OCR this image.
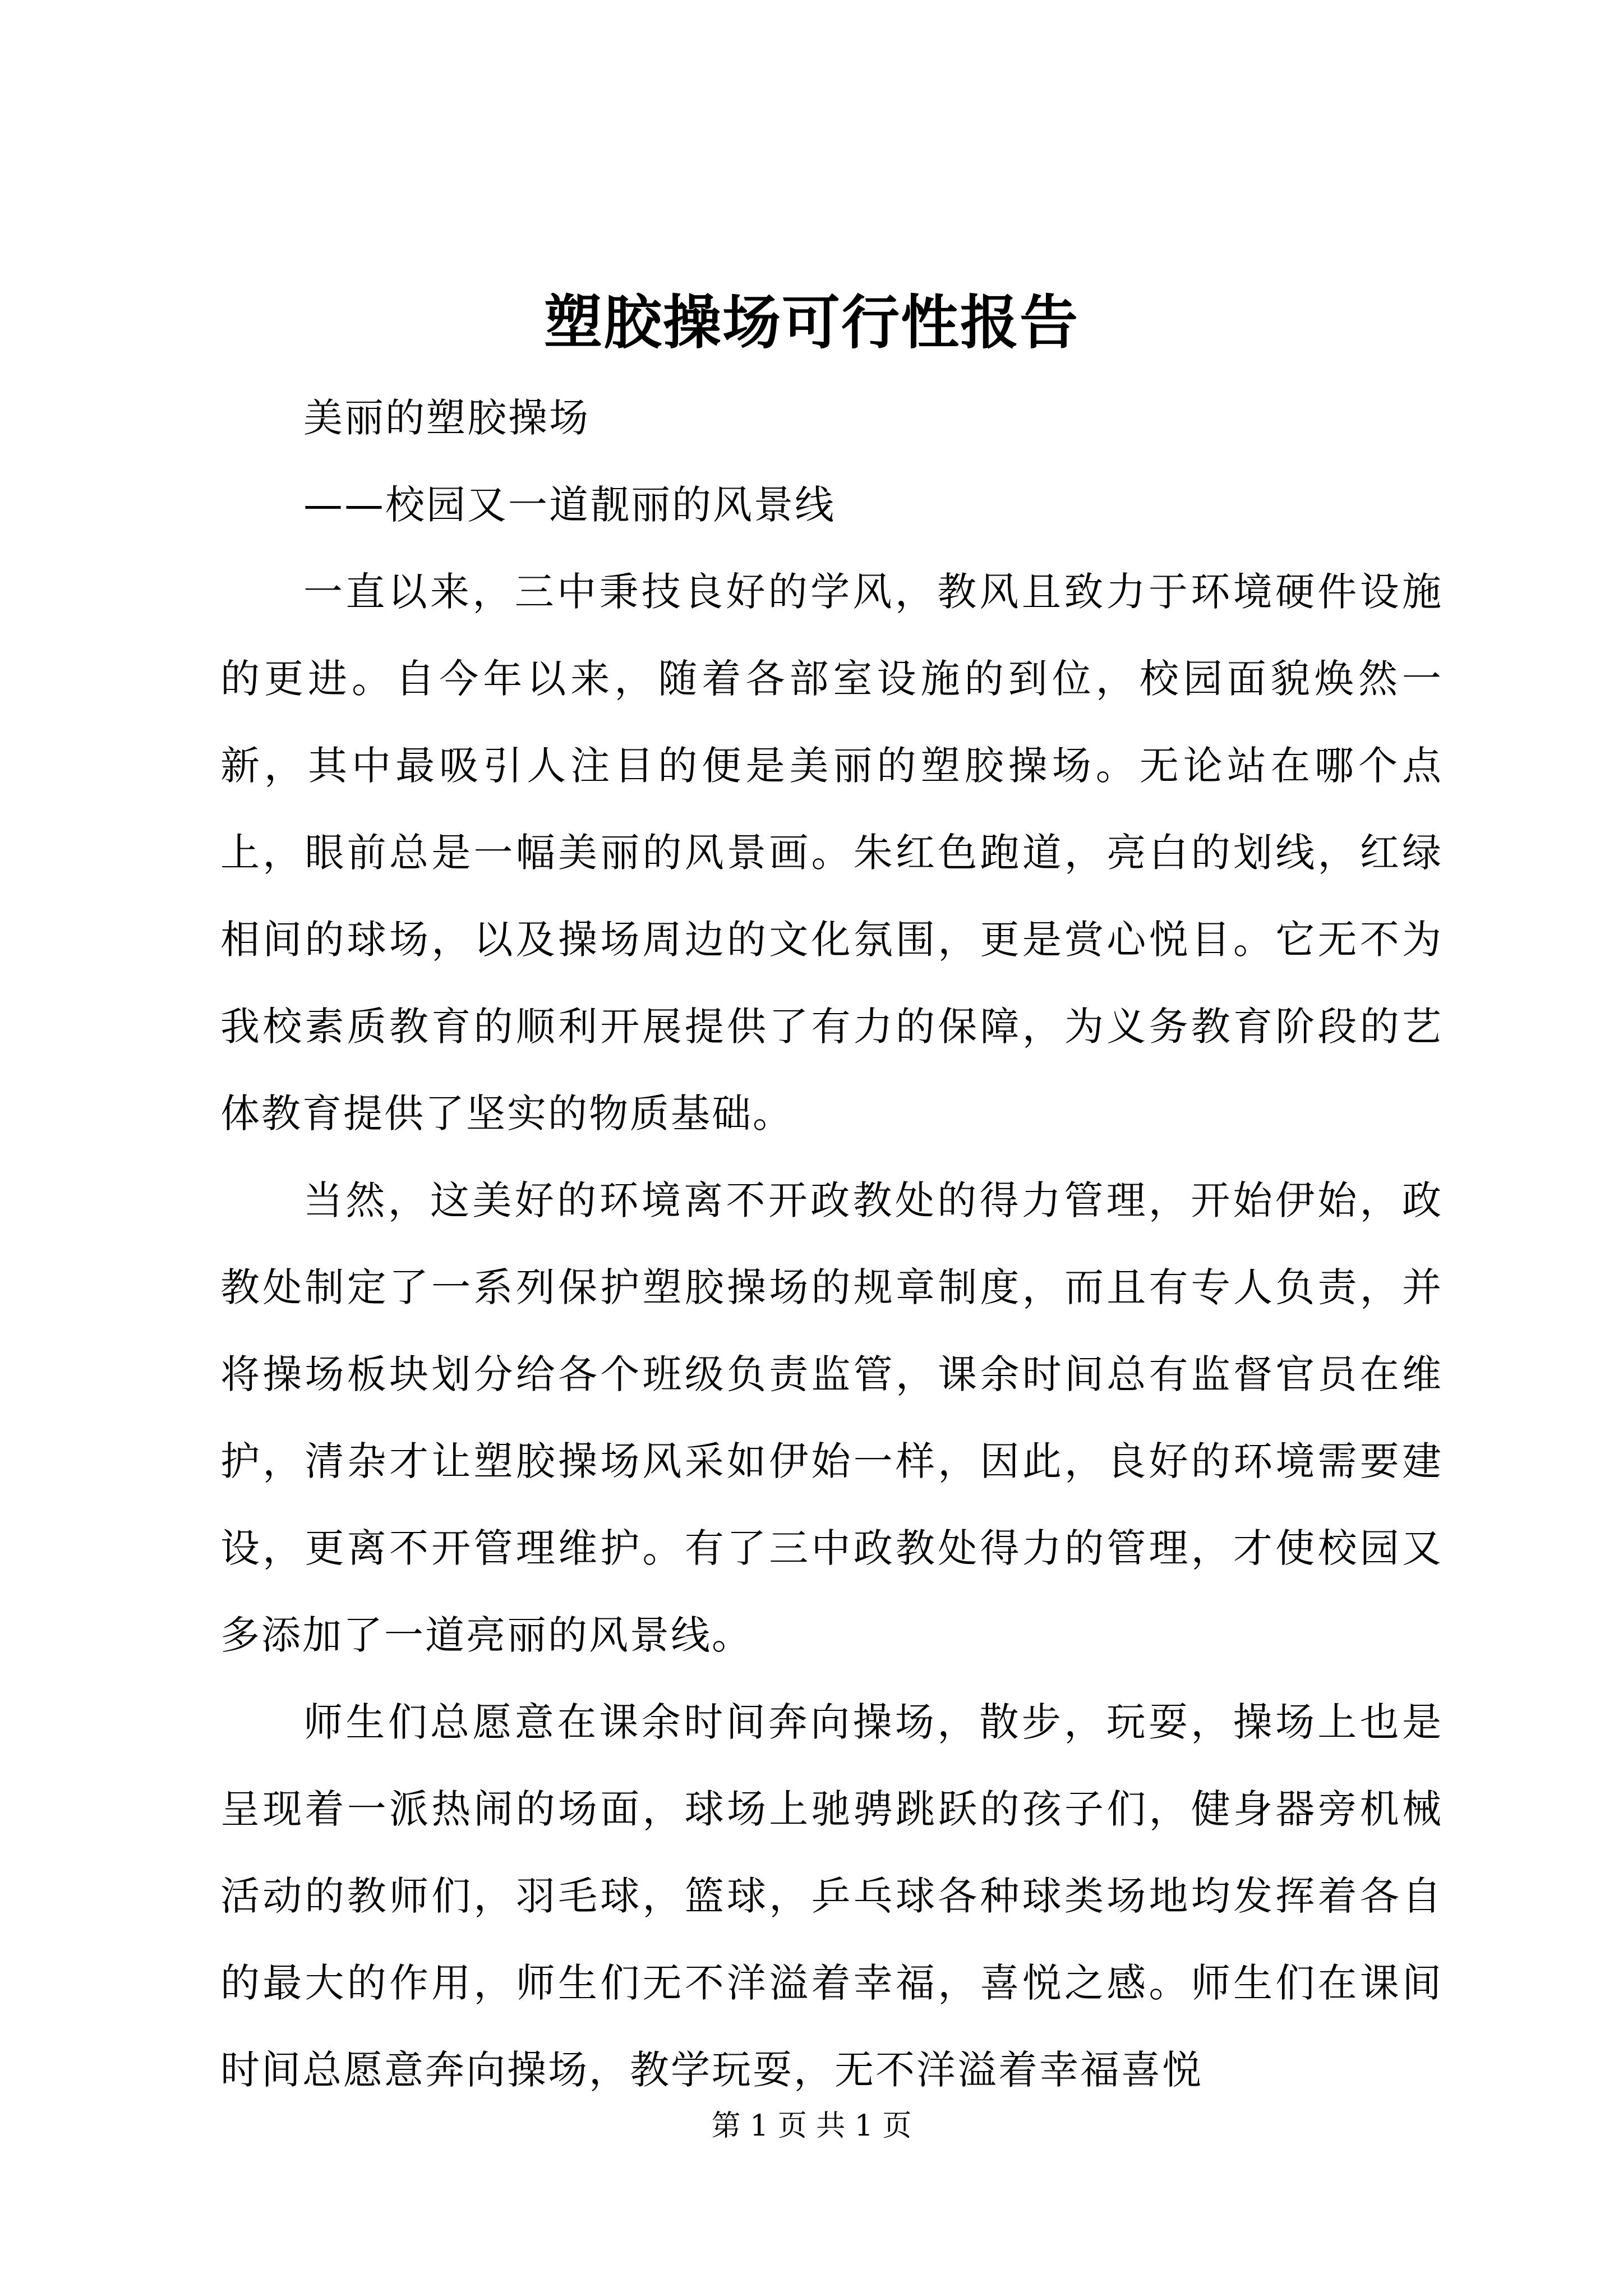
塑胶操场可行性报告

美丽的塑胶操场

——校园又一道靓丽的风景线

一直以来，三中秉技良好的学风，教风且致力于环境硬件设施的更进。自今年以来，随着各部室设施的到位，校园面貌焕然一新，其中最吸引人注目的便是美丽的塑胶操场。无论站在哪个点上，眼前总是一幅美丽的风景画。朱红色跑道，亮白的划线，红绿相间的球场，以及操场周边的文化氛围，更是赏心悦目。它无不为我校素质教育的顺利开展提供了有力的保障，为义务教育阶段的艺体教育提供了坚实的物质基础。

当然，这美好的环境离不开政教处的得力管理，开始伊始，政教处制定了一系列保护塑胶操场的规章制度，而且有专人负责，并将操场板块划分给各个班级负责监管，课余时间总有监督官员在维护，清杂才让塑胶操场风采如伊始一样，因此，良好的环境需要建设，更离不开管理维护。有了三中政教处得力的管理，才使校园又多添加了一道亮丽的风景线。

师生们总愿意在课余时间奔向操场，散步，玩耍，操场上也是呈现着一派热闹的场面，球场上驰骋跳跃的孩子们，健身器旁机械活动的教师们，羽毛球，篮球，乒乓球各种球类场地均发挥着各自的最大的作用，师生们无不洋溢着幸福，喜悦之感。师生们在课间时间总愿意奔向操场，教学玩耍，无不洋溢着幸福喜悦

第 1 页 共 1 页
